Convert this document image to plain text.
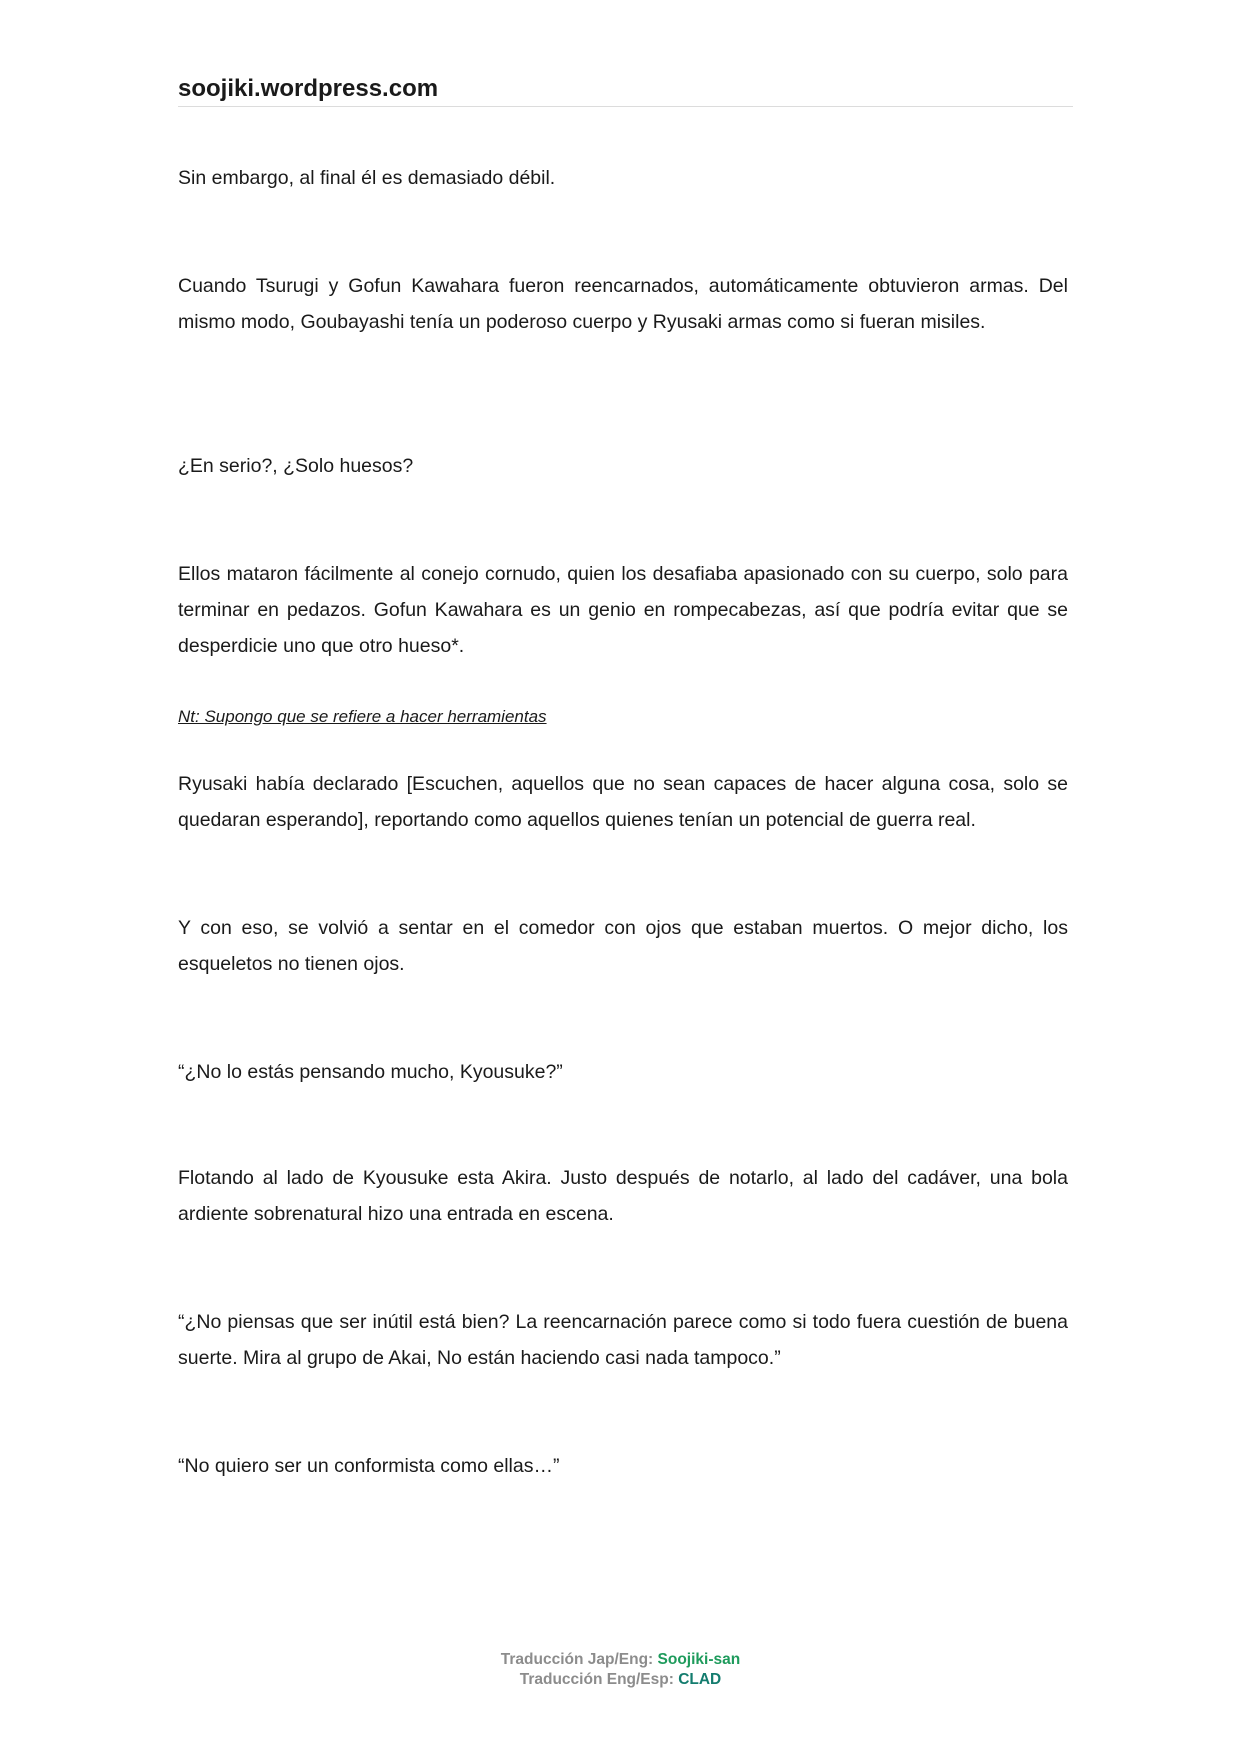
soojiki.wordpress.com

Sin embargo, al final él es demasiado débil.

Cuando Tsurugi y Gofun Kawahara fueron reencarnados, automáticamente obtuvieron armas. Del mismo modo, Goubayashi tenía un poderoso cuerpo y Ryusaki armas como si fueran misiles.

¿En serio?, ¿Solo huesos?

Ellos mataron fácilmente al conejo cornudo, quien los desafiaba apasionado con su cuerpo, solo para terminar en pedazos. Gofun Kawahara es un genio en rompecabezas, así que podría evitar que se desperdicie uno que otro hueso*.

Nt: Supongo que se refiere a hacer herramientas

Ryusaki había declarado [Escuchen, aquellos que no sean capaces de hacer alguna cosa, solo se quedaran esperando], reportando como aquellos quienes tenían un potencial de guerra real.

Y con eso, se volvió a sentar en el comedor con ojos que estaban muertos. O mejor dicho, los esqueletos no tienen ojos.

“¿No lo estás pensando mucho, Kyousuke?”

Flotando al lado de Kyousuke esta Akira. Justo después de notarlo, al lado del cadáver, una bola ardiente sobrenatural hizo una entrada en escena.

“¿No piensas que ser inútil está bien? La reencarnación parece como si todo fuera cuestión de buena suerte. Mira al grupo de Akai, No están haciendo casi nada tampoco.”

“No quiero ser un conformista como ellas…”

Traducción Jap/Eng: Soojiki-san
Traducción Eng/Esp: CLAD
